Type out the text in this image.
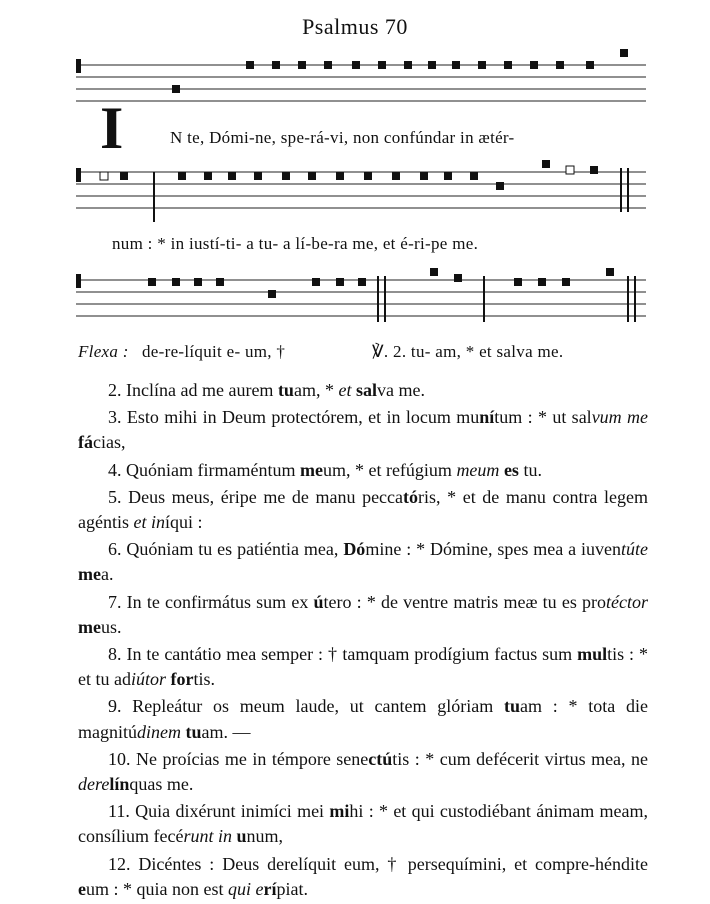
Psalmus 70
I	N te, Dómi-ne, spe-rá-vi, non confúndar in ætér-
num : * in iustí-ti- a tu- a lí-be-ra me, et é-ri-pe me.
Flexa : de-re-líquit e- um, †	℣. 2. tu- am, * et salva me.

2. Inclína ad me aurem tuam, * et salva me.

3. Esto mihi in Deum protectórem, et in locum munítum : * ut salvum me fácias,

4. Quóniam firmaméntum meum, * et refúgium meum es tu.

5. Deus meus, éripe me de manu peccatóris, * et de manu contra legem agéntis et iníqui :

6. Quóniam tu es patiéntia mea, Dómine : * Dómine, spes mea a iuventúte mea.

7. In te confirmátus sum ex útero : * de ventre matris meæ tu es protéctor meus.

8. In te cantátio mea semper : † tamquam prodígium factus sum multis : * et tu adiútor fortis.

9. Repleátur os meum laude, ut cantem glóriam tuam : * tota die magnitúdinem tuam. —

10. Ne proícias me in témpore senectútis : * cum defécerit virtus mea, ne derelínquas me.

11. Quia dixérunt inimíci mei mihi : * et qui custodiébant ánimam meam, consílium fecérunt in unum,

12. Dicéntes : Deus derelíquit eum, † persequímini, et compre-héndite eum : * quia non est qui erípiat.
